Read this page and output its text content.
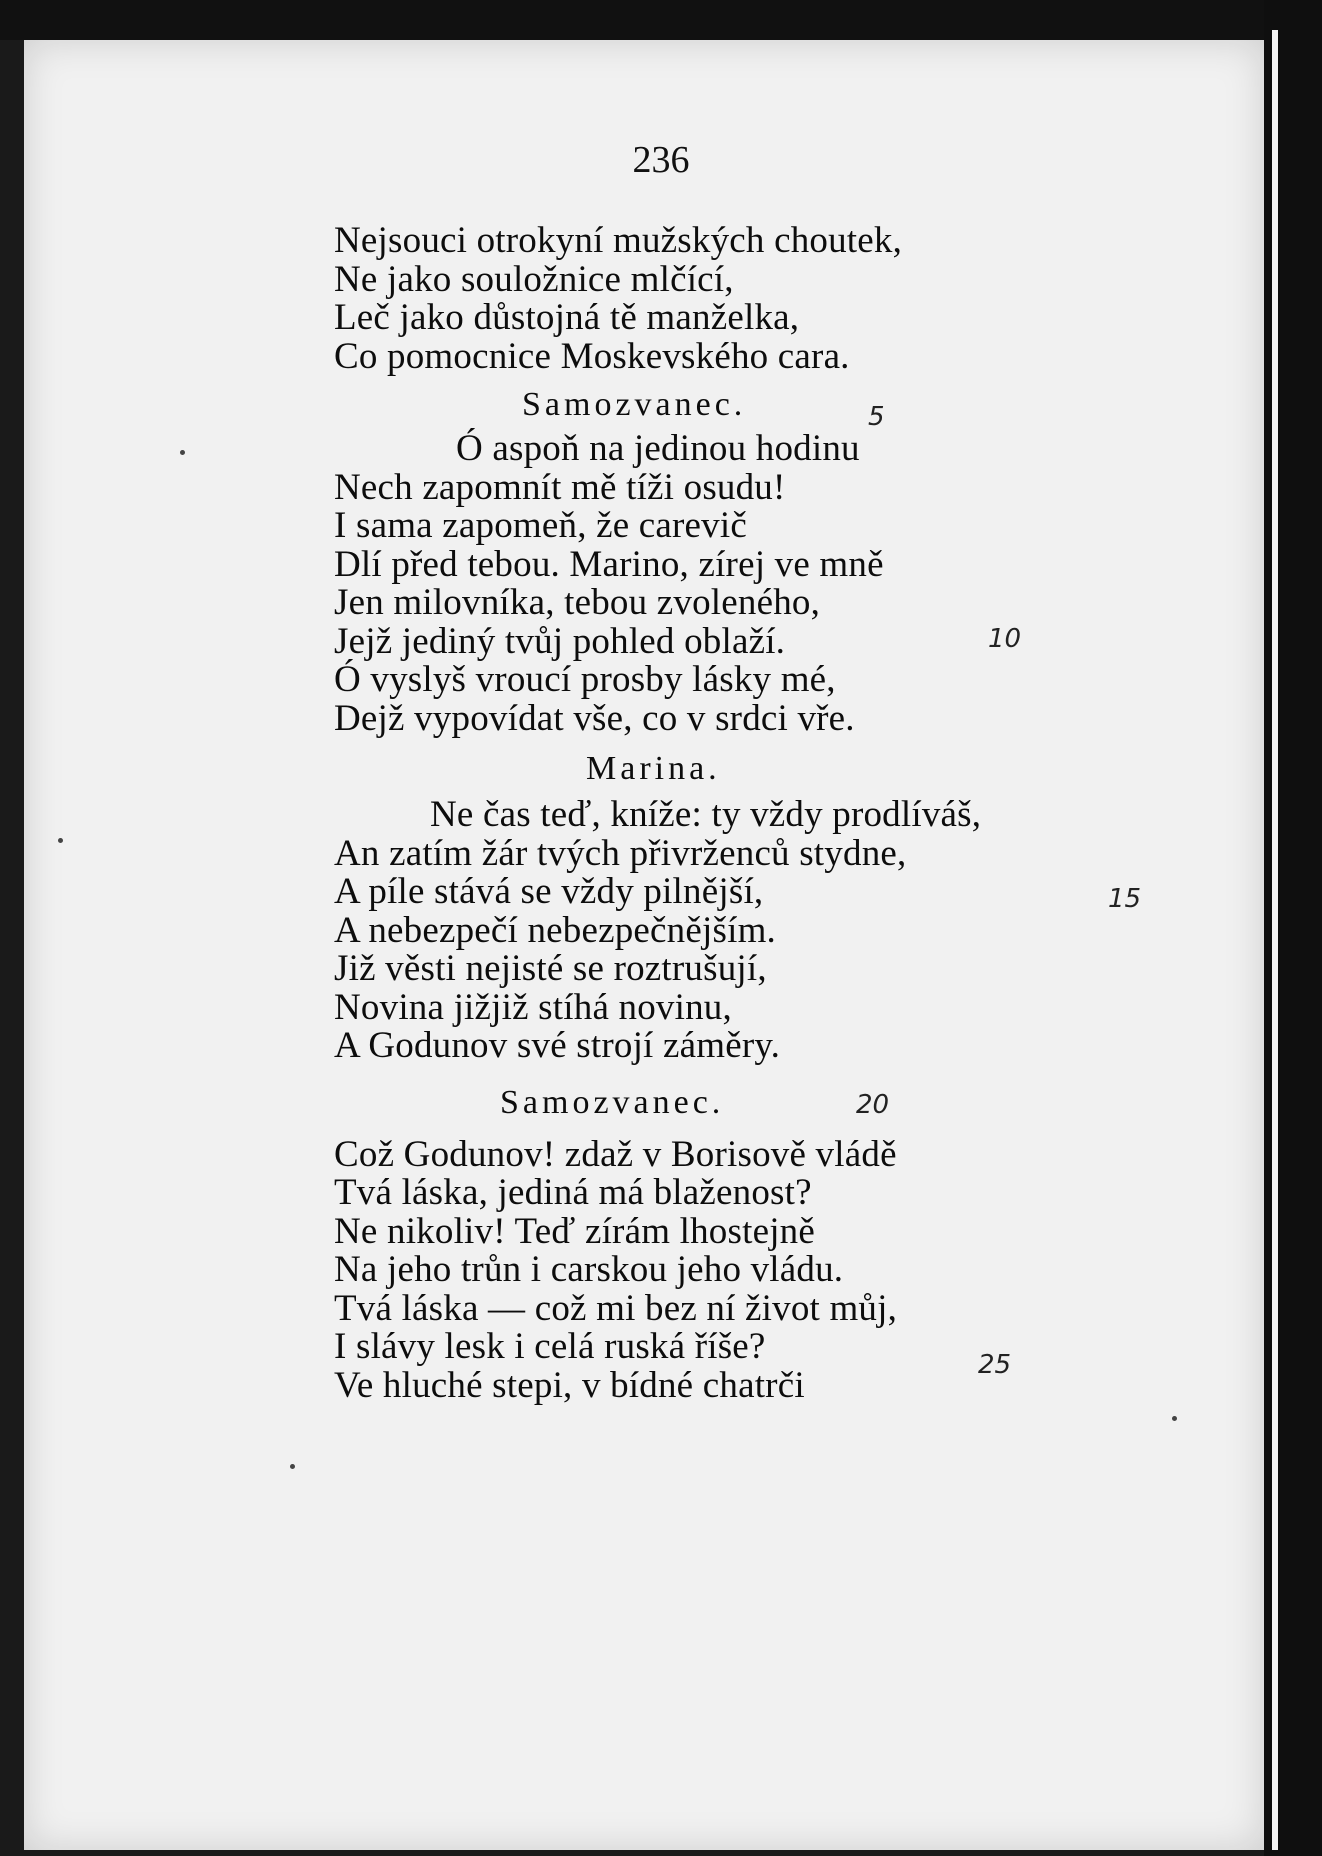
236
Nejsouci otrokyní mužských choutek,
Ne jako souložnice mlčící,
Leč jako důstojná tě manželka,
Co pomocnice Moskevského cara.
Samozvanec.
Ó aspoň na jedinou hodinu
Nech zapomnít mě tíži osudu!
I sama zapomeň, že carevič
Dlí před tebou. Marino, zírej ve mně
Jen milovníka, tebou zvoleného,
Jejž jediný tvůj pohled oblaží.
Ó vyslyš vroucí prosby lásky mé,
Dejž vypovídat vše, co v srdci vře.
Marina.
Ne čas teď, kníže: ty vždy prodlíváš,
An zatím žár tvých přivrženců stydne,
A píle stává se vždy pilnější,
A nebezpečí nebezpečnějším.
Již věsti nejisté se roztrušují,
Novina jižjiž stíhá novinu,
A Godunov své strojí záměry.
Samozvanec.
Což Godunov! zdaž v Borisově vládě
Tvá láska, jediná má blaženost?
Ne nikoliv! Teď zírám lhostejně
Na jeho trůn i carskou jeho vládu.
Tvá láska — což mi bez ní život můj,
I slávy lesk i celá ruská říše?
Ve hluché stepi, v bídné chatrči
5
10
15
20
25
